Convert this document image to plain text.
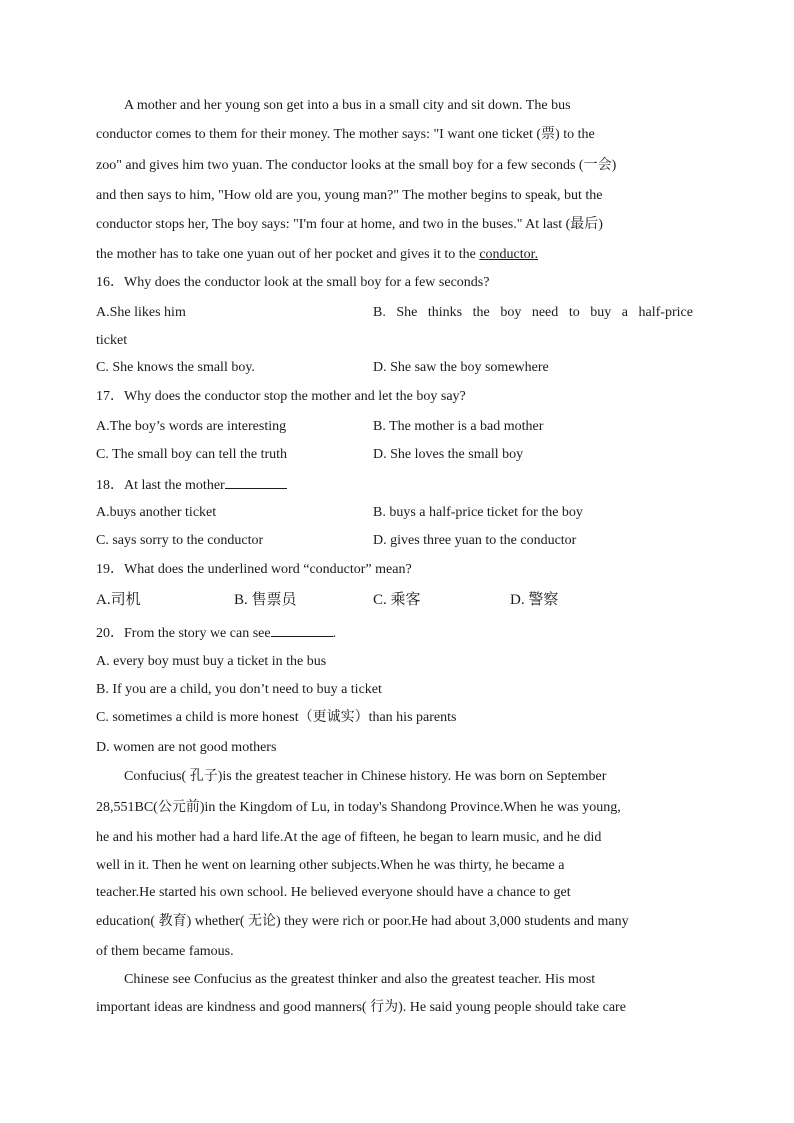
A mother and her young son get into a bus in a small city and sit down. The bus
conductor comes to them for their money. The mother says: "I want one ticket (票) to the
zoo" and gives him two yuan. The conductor looks at the small boy for a few seconds (一会)
and then says to him, "How old are you, young man?" The mother begins to speak, but the
conductor stops her, The boy says: "I'm four at home, and two in the buses." At last (最后)
the mother has to take one yuan out of her pocket and gives it to the conductor.
16．Why does the conductor look at the small boy for a few seconds?
A.She likes him	B. She thinks the boy need to buy a half-price
ticket
C. She knows the small boy.	D. She saw the boy somewhere
17．Why does the conductor stop the mother and let the boy say?
A.The boy’s words are interesting	B. The mother is a bad mother
C. The small boy can tell the truth	D. She loves the small boy
18．At last the mother
A.buys another ticket	B. buys a half-price ticket for the boy
C. says sorry to the conductor	D. gives three yuan to the conductor
19．What does the underlined word “conductor” mean?
A.司机	B. 售票员	C. 乘客	D. 警察
20．From the story we can see	.
A. every boy must buy a ticket in the bus
B. If you are a child, you don’t need to buy a ticket
C. sometimes a child is more honest（更诚实）than his parents
D. women are not good mothers
Confucius( 孔子)is the greatest teacher in Chinese history. He was born on September
28,551BC(公元前)in the Kingdom of Lu, in today's Shandong Province.When he was young,
he and his mother had a hard life.At the age of fifteen, he began to learn music, and he did
well in it. Then he went on learning other subjects.When he was thirty, he became a
teacher.He started his own school. He believed everyone should have a chance to get
education( 教育) whether( 无论) they were rich or poor.He had about 3,000 students and many
of them became famous.
Chinese see Confucius as the greatest thinker and also the greatest teacher. His most
important ideas are kindness and good manners( 行为). He said young people should take care
